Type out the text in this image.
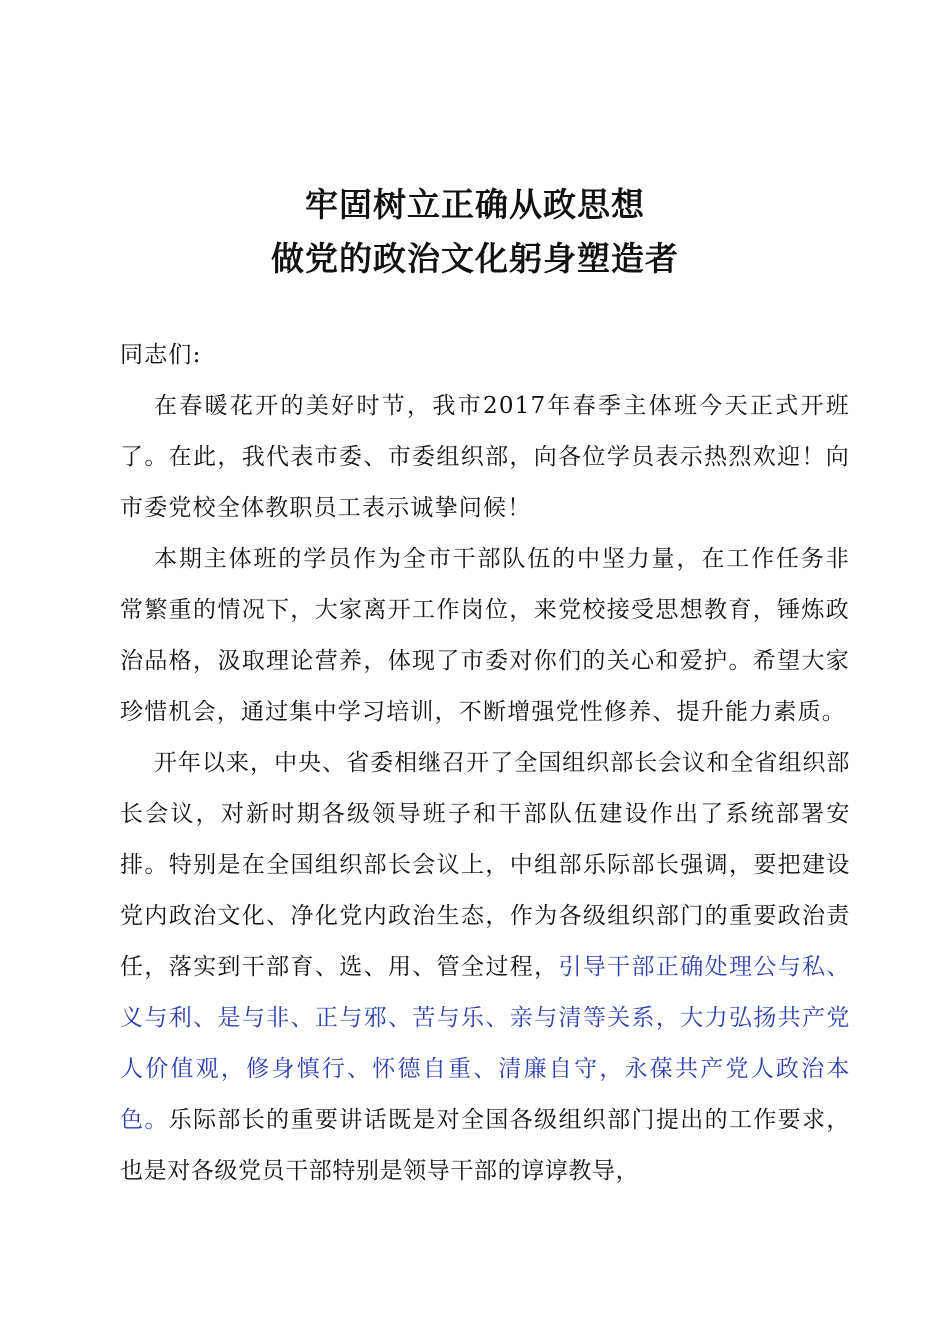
牢固树立正确从政思想
做党的政治文化躬身塑造者

同志们:

在春暖花开的美好时节，我市2017年春季主体班今天正式开班了。在此，我代表市委、市委组织部，向各位学员表示热烈欢迎！向市委党校全体教职员工表示诚挚问候！

本期主体班的学员作为全市干部队伍的中坚力量，在工作任务非常繁重的情况下，大家离开工作岗位，来党校接受思想教育，锤炼政治品格，汲取理论营养，体现了市委对你们的关心和爱护。希望大家珍惜机会，通过集中学习培训，不断增强党性修养、提升能力素质。

开年以来，中央、省委相继召开了全国组织部长会议和全省组织部长会议，对新时期各级领导班子和干部队伍建设作出了系统部署安排。特别是在全国组织部长会议上，中组部乐际部长强调，要把建设党内政治文化、净化党内政治生态，作为各级组织部门的重要政治责任，落实到干部育、选、用、管全过程，引导干部正确处理公与私、义与利、是与非、正与邪、苦与乐、亲与清等关系，大力弘扬共产党人价值观，修身慎行、怀德自重、清廉自守，永葆共产党人政治本色。乐际部长的重要讲话既是对全国各级组织部门提出的工作要求，也是对各级党员干部特别是领导干部的谆谆教导，
